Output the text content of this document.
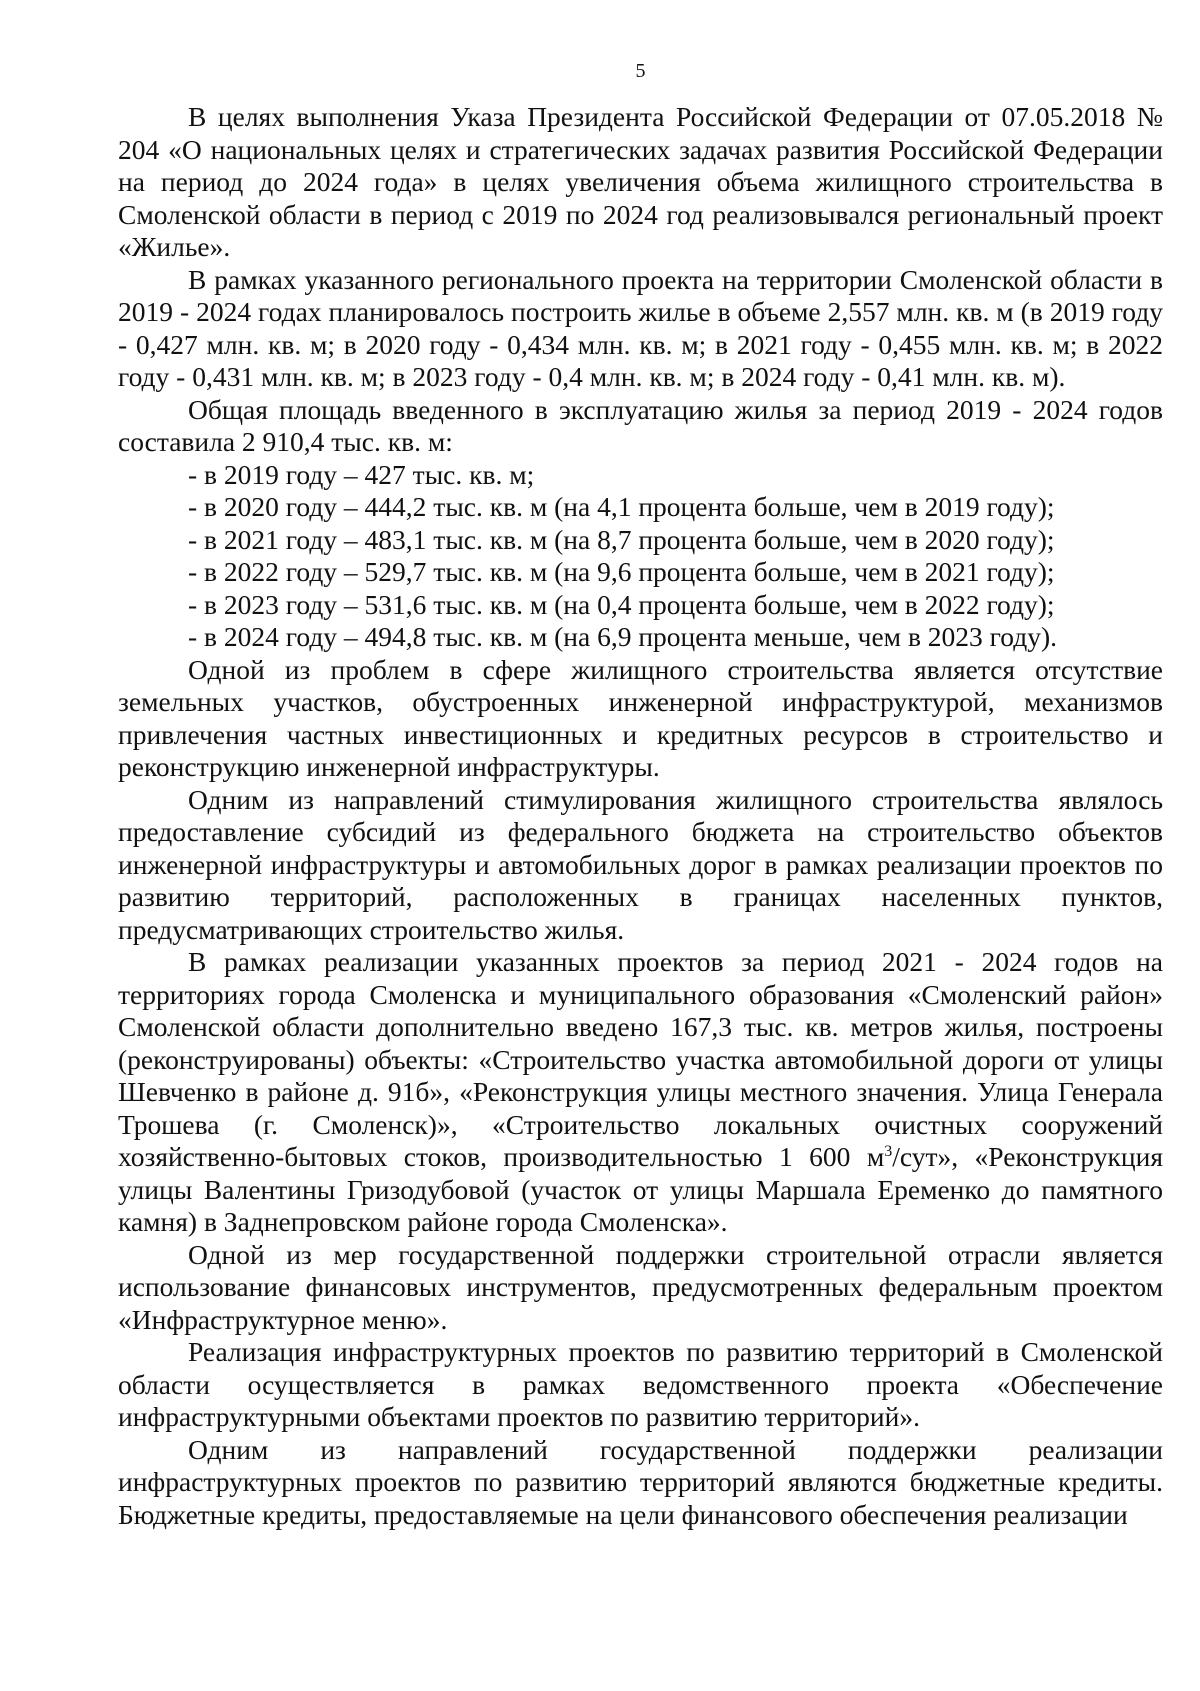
5

В целях выполнения Указа Президента Российской Федерации от 07.05.2018 № 204 «О национальных целях и стратегических задачах развития Российской Федерации на период до 2024 года» в целях увеличения объема жилищного строительства в Смоленской области в период с 2019 по 2024 год реализовывался региональный проект «Жилье».

В рамках указанного регионального проекта на территории Смоленской области в 2019 - 2024 годах планировалось построить жилье в объеме 2,557 млн. кв. м (в 2019 году - 0,427 млн. кв. м; в 2020 году - 0,434 млн. кв. м; в 2021 году - 0,455 млн. кв. м; в 2022 году - 0,431 млн. кв. м; в 2023 году - 0,4 млн. кв. м; в 2024 году - 0,41 млн. кв. м).

Общая площадь введенного в эксплуатацию жилья за период 2019 - 2024 годов составила 2 910,4 тыс. кв. м:

- в 2019 году – 427 тыс. кв. м;
- в 2020 году – 444,2 тыс. кв. м (на 4,1 процента больше, чем в 2019 году);
- в 2021 году – 483,1 тыс. кв. м (на 8,7 процента больше, чем в 2020 году);
- в 2022 году – 529,7 тыс. кв. м (на 9,6 процента больше, чем в 2021 году);
- в 2023 году – 531,6 тыс. кв. м (на 0,4 процента больше, чем в 2022 году);
- в 2024 году – 494,8 тыс. кв. м (на 6,9 процента меньше, чем в 2023 году).

Одной из проблем в сфере жилищного строительства является отсутствие земельных участков, обустроенных инженерной инфраструктурой, механизмов привлечения частных инвестиционных и кредитных ресурсов в строительство и реконструкцию инженерной инфраструктуры.

Одним из направлений стимулирования жилищного строительства являлось предоставление субсидий из федерального бюджета на строительство объектов инженерной инфраструктуры и автомобильных дорог в рамках реализации проектов по развитию территорий, расположенных в границах населенных пунктов, предусматривающих строительство жилья.

В рамках реализации указанных проектов за период 2021 - 2024 годов на территориях города Смоленска и муниципального образования «Смоленский район» Смоленской области дополнительно введено 167,3 тыс. кв. метров жилья, построены (реконструированы) объекты: «Строительство участка автомобильной дороги от улицы Шевченко в районе д. 91б», «Реконструкция улицы местного значения. Улица Генерала Трошева (г. Смоленск)», «Строительство локальных очистных сооружений хозяйственно-бытовых стоков, производительностью 1 600 $м^3$/сут», «Реконструкция улицы Валентины Гризодубовой (участок от улицы Маршала Еременко до памятного камня) в Заднепровском районе города Смоленска».

Одной из мер государственной поддержки строительной отрасли является использование финансовых инструментов, предусмотренных федеральным проектом «Инфраструктурное меню».

Реализация инфраструктурных проектов по развитию территорий в Смоленской области осуществляется в рамках ведомственного проекта «Обеспечение инфраструктурными объектами проектов по развитию территорий».

Одним из направлений государственной поддержки реализации инфраструктурных проектов по развитию территорий являются бюджетные кредиты. Бюджетные кредиты, предоставляемые на цели финансового обеспечения реализации
